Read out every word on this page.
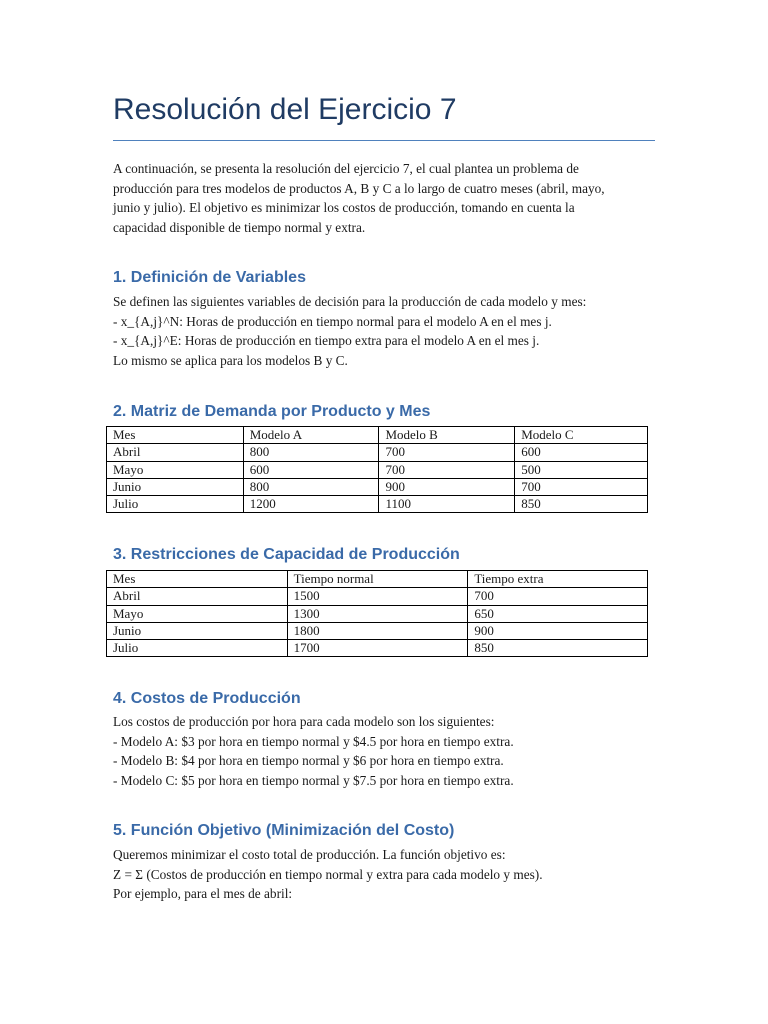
Resolución del Ejercicio 7
A continuación, se presenta la resolución del ejercicio 7, el cual plantea un problema de
producción para tres modelos de productos A, B y C a lo largo de cuatro meses (abril, mayo,
junio y julio). El objetivo es minimizar los costos de producción, tomando en cuenta la
capacidad disponible de tiempo normal y extra.
1. Definición de Variables
Se definen las siguientes variables de decisión para la producción de cada modelo y mes:
- x_{A,j}^N: Horas de producción en tiempo normal para el modelo A en el mes j.
- x_{A,j}^E: Horas de producción en tiempo extra para el modelo A en el mes j.
Lo mismo se aplica para los modelos B y C.
2. Matriz de Demanda por Producto y Mes
Mes	Modelo A	Modelo B	Modelo C
Abril	800	700	600
Mayo	600	700	500
Junio	800	900	700
Julio	1200	1100	850
3. Restricciones de Capacidad de Producción
Mes	Tiempo normal	Tiempo extra
Abril	1500	700
Mayo	1300	650
Junio	1800	900
Julio	1700	850
4. Costos de Producción
Los costos de producción por hora para cada modelo son los siguientes:
- Modelo A: $3 por hora en tiempo normal y $4.5 por hora en tiempo extra.
- Modelo B: $4 por hora en tiempo normal y $6 por hora en tiempo extra.
- Modelo C: $5 por hora en tiempo normal y $7.5 por hora en tiempo extra.
5. Función Objetivo (Minimización del Costo)
Queremos minimizar el costo total de producción. La función objetivo es:
Z = Σ (Costos de producción en tiempo normal y extra para cada modelo y mes).
Por ejemplo, para el mes de abril:
